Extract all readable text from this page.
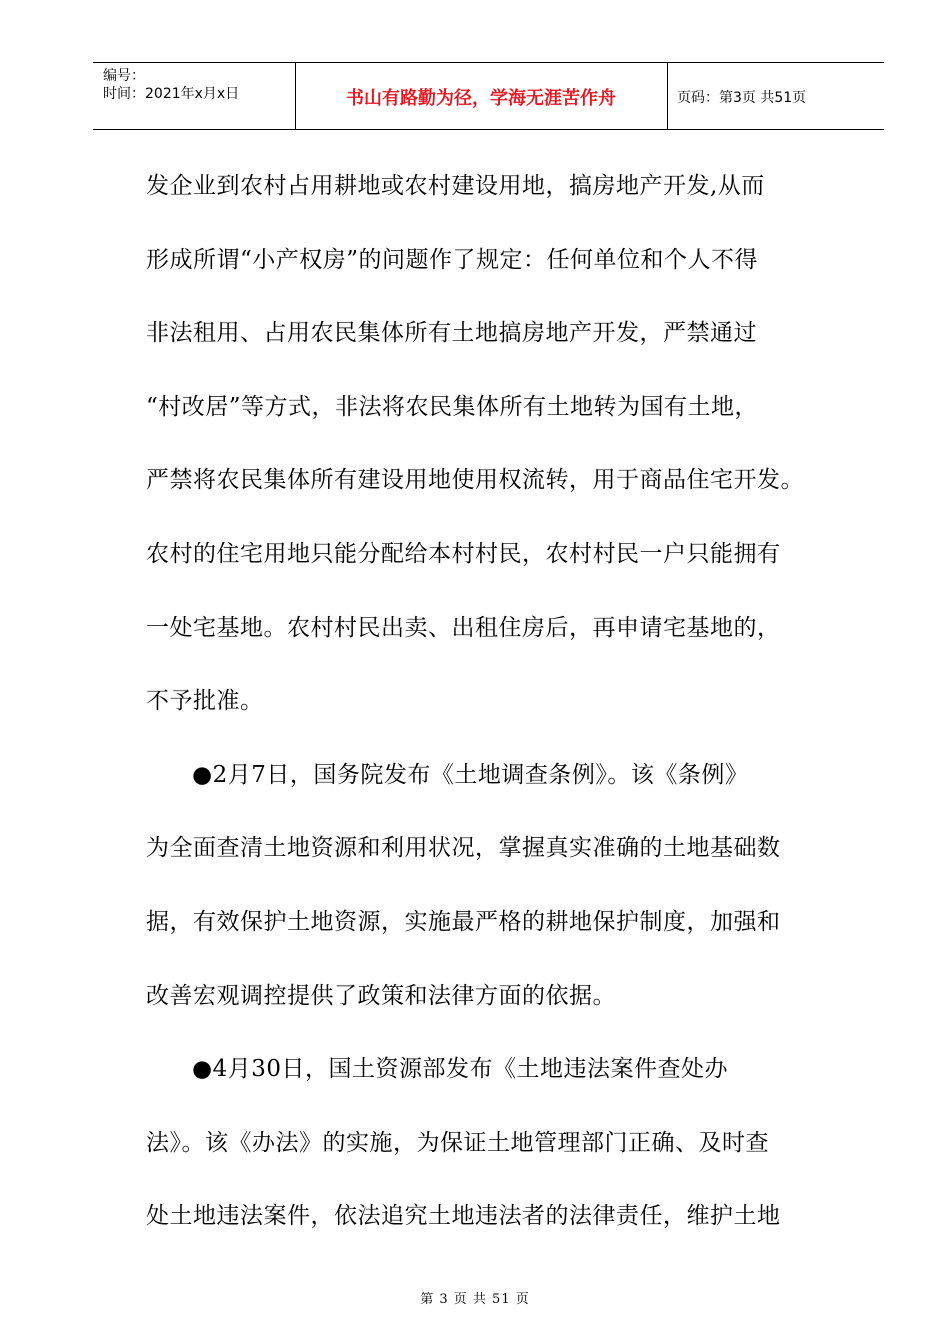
编号：
时间：2021年x月x日	书山有路勤为径，学海无涯苦作舟	页码：第3页 共51页
发企业到农村占用耕地或农村建设用地，搞房地产开发,从而
形成所谓“小产权房”的问题作了规定：任何单位和个人不得
非法租用、占用农民集体所有土地搞房地产开发，严禁通过
“村改居”等方式，非法将农民集体所有土地转为国有土地，
严禁将农民集体所有建设用地使用权流转，用于商品住宅开发。
农村的住宅用地只能分配给本村村民，农村村民一户只能拥有
一处宅基地。农村村民出卖、出租住房后，再申请宅基地的，
不予批准。
●2月7日，国务院发布《土地调查条例》。该《条例》
为全面查清土地资源和利用状况，掌握真实准确的土地基础数
据，有效保护土地资源，实施最严格的耕地保护制度，加强和
改善宏观调控提供了政策和法律方面的依据。
●4月30日，国土资源部发布《土地违法案件查处办
法》。该《办法》的实施，为保证土地管理部门正确、及时查
处土地违法案件，依法追究土地违法者的法律责任，维护土地
第 3 页 共 51 页
